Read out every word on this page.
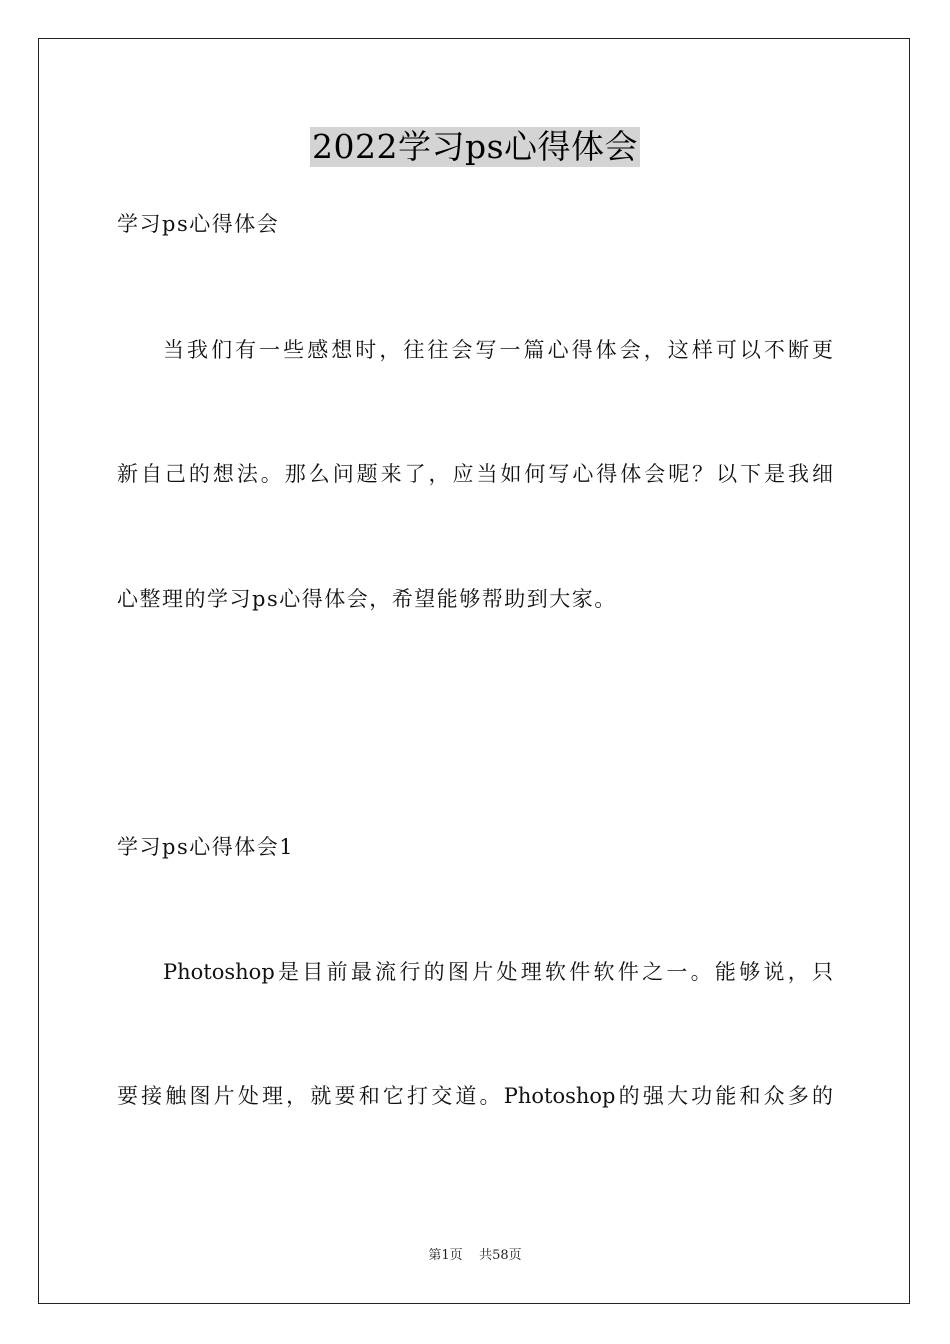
2022学习ps心得体会
学习ps心得体会
当我们有一些感想时，往往会写一篇心得体会，这样可以不断更
新自己的想法。那么问题来了，应当如何写心得体会呢？以下是我细
心整理的学习ps心得体会，希望能够帮助到大家。
学习ps心得体会1
Photoshop是目前最流行的图片处理软件软件之一。能够说，只
要接触图片处理，就要和它打交道。Photoshop的强大功能和众多的
第1页 共58页
